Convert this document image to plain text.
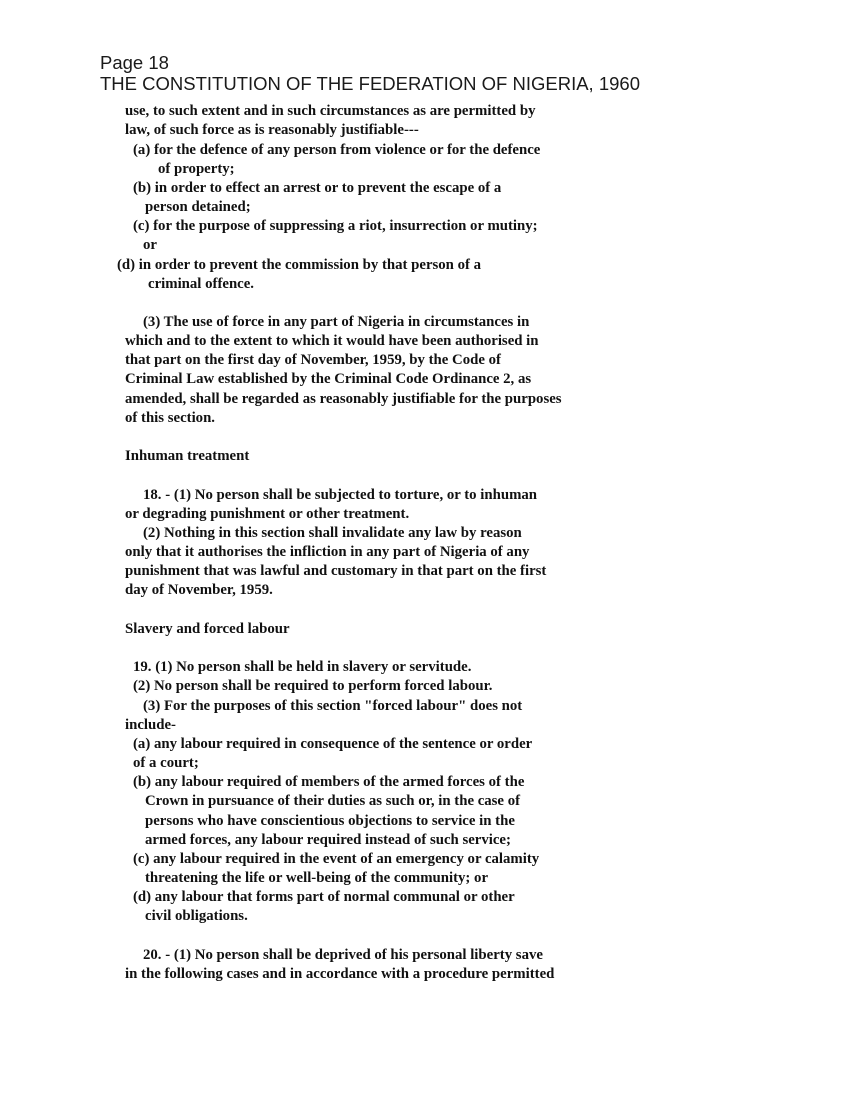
Page 18
THE CONSTITUTION OF THE FEDERATION OF NIGERIA, 1960
use, to such extent and in such circumstances as are permitted by
law, of such force as is reasonably justifiable---
(a) for the defence of any person from violence or for the defence
of property;
(b) in order to effect an arrest or to prevent the escape of a
person detained;
(c) for the purpose of suppressing a riot, insurrection or mutiny;
or
(d) in order to prevent the commission by that person of a
criminal offence.
(3) The use of force in any part of Nigeria in circumstances in
which and to the extent to which it would have been authorised in
that part on the first day of November, 1959, by the Code of
Criminal Law established by the Criminal Code Ordinance 2, as
amended, shall be regarded as reasonably justifiable for the purposes
of this section.
Inhuman treatment
18. - (1) No person shall be subjected to torture, or to inhuman
or degrading punishment or other treatment.
(2) Nothing in this section shall invalidate any law by reason
only that it authorises the infliction in any part of Nigeria of any
punishment that was lawful and customary in that part on the first
day of November, 1959.
Slavery and forced labour
19. (1) No person shall be held in slavery or servitude.
(2) No person shall be required to perform forced labour.
(3) For the purposes of this section "forced labour" does not
include-
(a) any labour required in consequence of the sentence or order
of a court;
(b) any labour required of members of the armed forces of the
Crown in pursuance of their duties as such or, in the case of
persons who have conscientious objections to service in the
armed forces, any labour required instead of such service;
(c) any labour required in the event of an emergency or calamity
threatening the life or well-being of the community; or
(d) any labour that forms part of normal communal or other
civil obligations.
20. - (1) No person shall be deprived of his personal liberty save
in the following cases and in accordance with a procedure permitted
